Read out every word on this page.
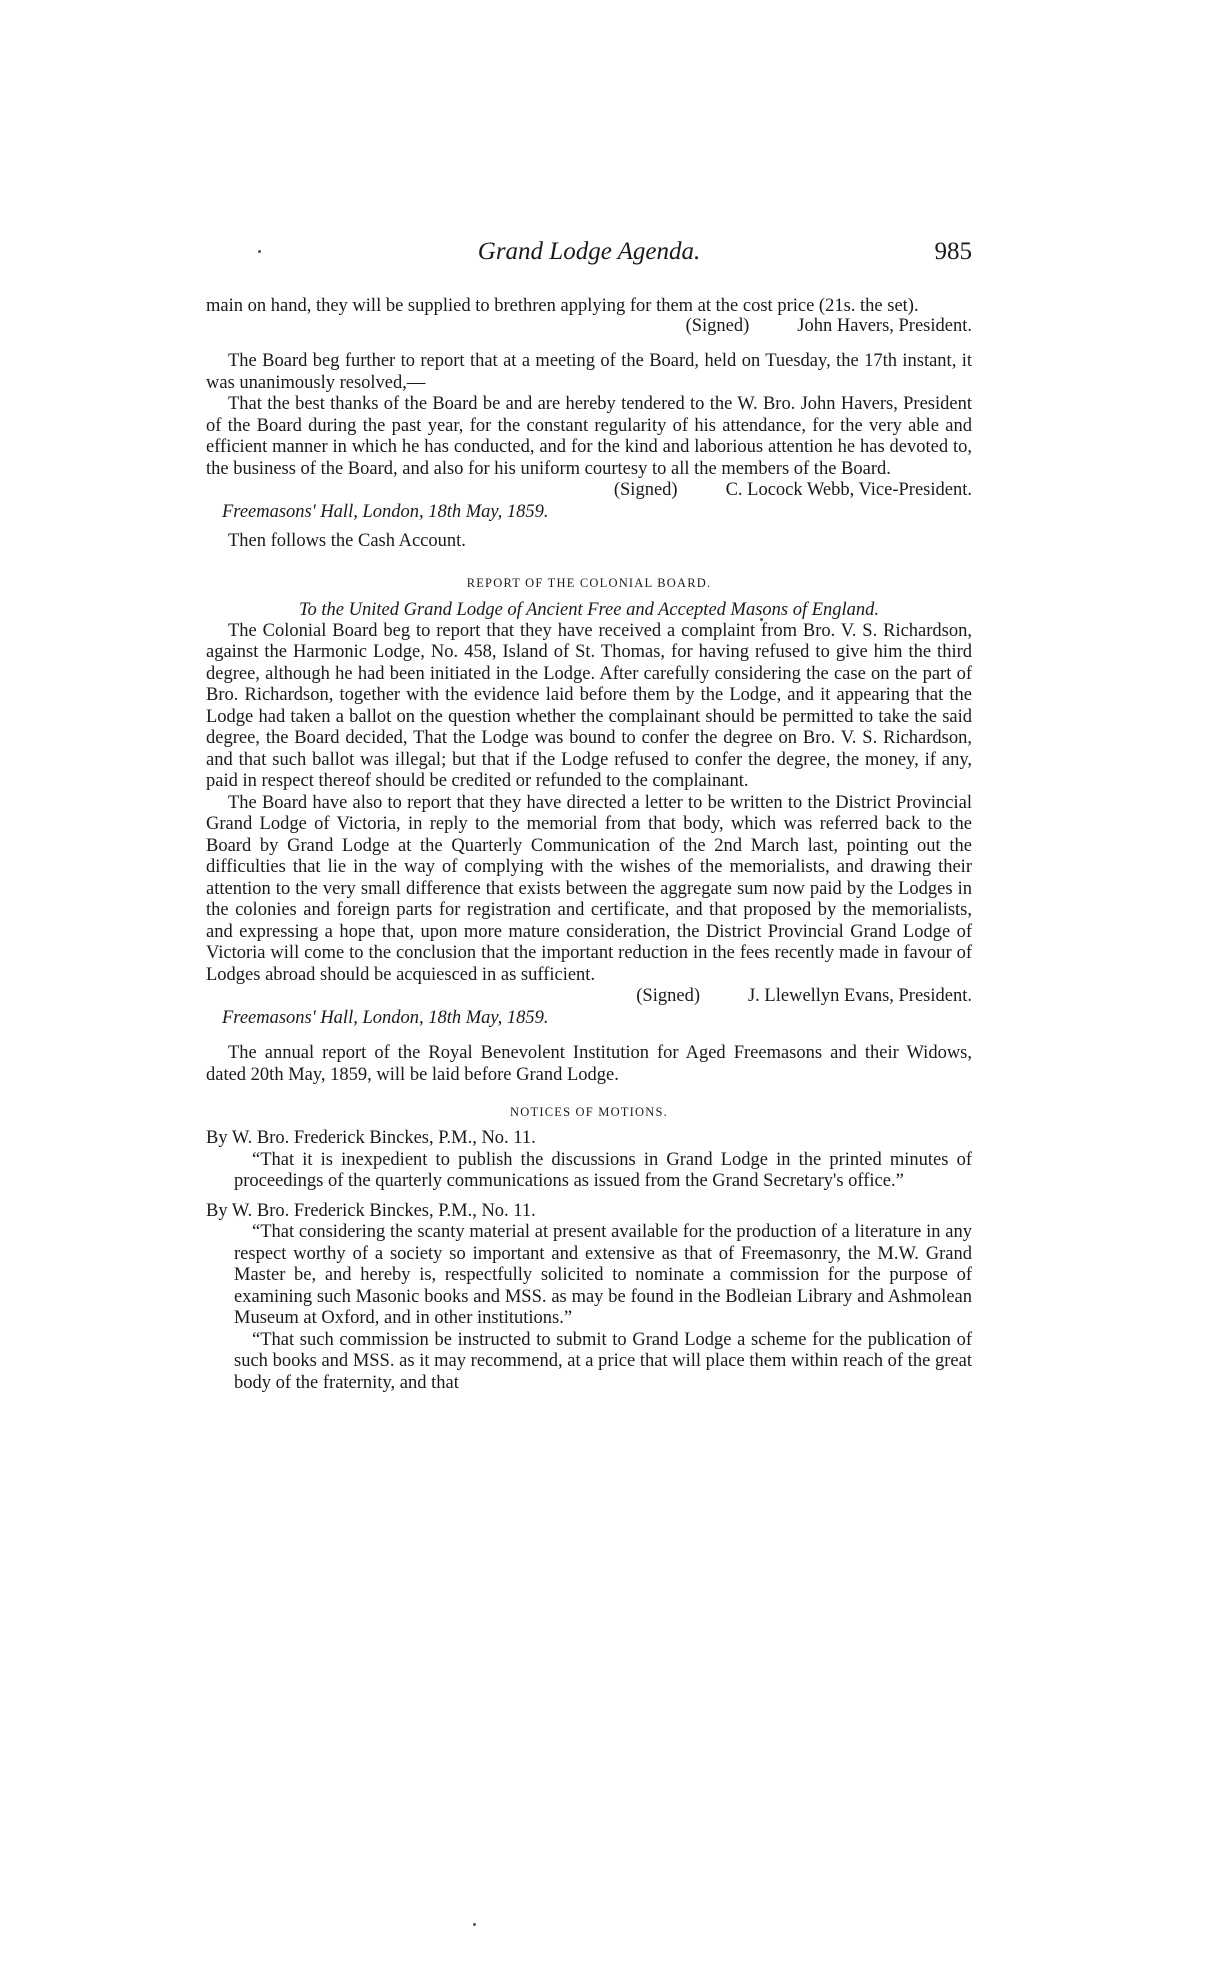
Grand Lodge Agenda.	985

main on hand, they will be supplied to brethren applying for them at the cost price (21s. the set).

(Signed)	John Havers, President.

The Board beg further to report that at a meeting of the Board, held on Tuesday, the 17th instant, it was unanimously resolved,—

That the best thanks of the Board be and are hereby tendered to the W. Bro. John Havers, President of the Board during the past year, for the constant regularity of his attendance, for the very able and efficient manner in which he has conducted, and for the kind and laborious attention he has devoted to, the business of the Board, and also for his uniform courtesy to all the members of the Board.

(Signed)	C. Locock Webb, Vice-President.
Freemasons' Hall, London, 18th May, 1859.

Then follows the Cash Account.

REPORT OF THE COLONIAL BOARD.
To the United Grand Lodge of Ancient Free and Accepted Masons of England.

The Colonial Board beg to report that they have received a complaint from Bro. V. S. Richardson, against the Harmonic Lodge, No. 458, Island of St. Thomas, for having refused to give him the third degree, although he had been initiated in the Lodge. After carefully considering the case on the part of Bro. Richardson, together with the evidence laid before them by the Lodge, and it appearing that the Lodge had taken a ballot on the question whether the complainant should be permitted to take the said degree, the Board decided, That the Lodge was bound to confer the degree on Bro. V. S. Richardson, and that such ballot was illegal; but that if the Lodge refused to confer the degree, the money, if any, paid in respect thereof should be credited or refunded to the complainant.

The Board have also to report that they have directed a letter to be written to the District Provincial Grand Lodge of Victoria, in reply to the memorial from that body, which was referred back to the Board by Grand Lodge at the Quarterly Communication of the 2nd March last, pointing out the difficulties that lie in the way of complying with the wishes of the memorialists, and drawing their attention to the very small difference that exists between the aggregate sum now paid by the Lodges in the colonies and foreign parts for registration and certificate, and that proposed by the memorialists, and expressing a hope that, upon more mature consideration, the District Provincial Grand Lodge of Victoria will come to the conclusion that the important reduction in the fees recently made in favour of Lodges abroad should be acquiesced in as sufficient.

(Signed)	J. Llewellyn Evans, President.
Freemasons' Hall, London, 18th May, 1859.

The annual report of the Royal Benevolent Institution for Aged Freemasons and their Widows, dated 20th May, 1859, will be laid before Grand Lodge.

NOTICES OF MOTIONS.
By W. Bro. Frederick Binckes, P.M., No. 11.

“That it is inexpedient to publish the discussions in Grand Lodge in the printed minutes of proceedings of the quarterly communications as issued from the Grand Secretary's office.”

By W. Bro. Frederick Binckes, P.M., No. 11.

“That considering the scanty material at present available for the production of a literature in any respect worthy of a society so important and extensive as that of Freemasonry, the M.W. Grand Master be, and hereby is, respectfully solicited to nominate a commission for the purpose of examining such Masonic books and MSS. as may be found in the Bodleian Library and Ashmolean Museum at Oxford, and in other institutions.”

“That such commission be instructed to submit to Grand Lodge a scheme for the publication of such books and MSS. as it may recommend, at a price that will place them within reach of the great body of the fraternity, and that
